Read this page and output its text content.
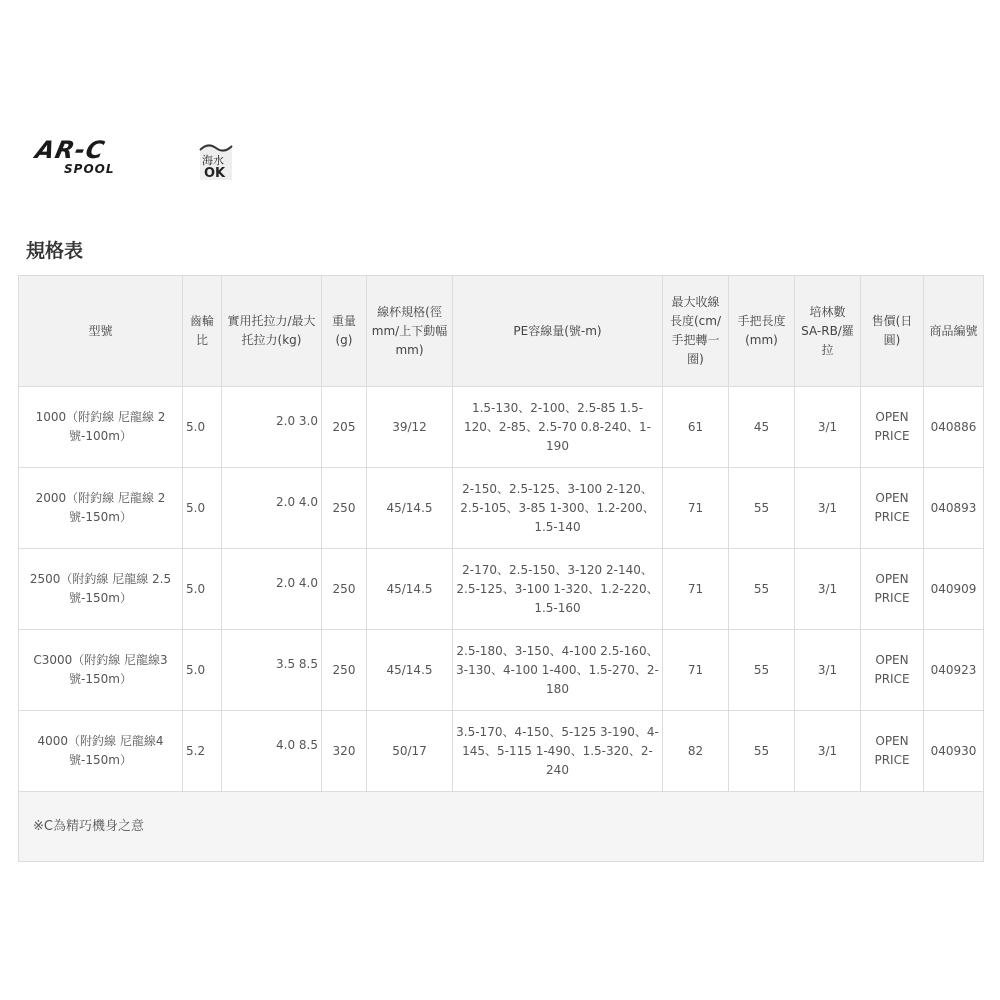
AR-C
SPOOL
海水
OK
規格表
型號	齒輪比	實用托拉力/最大托拉力(kg)	重量(g)	線杯規格(徑mm/上下動幅mm)	PE容線量(號-m)	最大收線長度(cm/手把轉一圈)	手把長度(mm)	培林數 SA-RB/羅拉	售價(日圓)	商品編號
1000（附釣線 尼龍線 2號-100m）	5.0	2.0 3.0	205	39/12	1.5-130、2-100、2.5-85 1.5-120、2-85、2.5-70 0.8-240、1-190	61	45	3/1	OPEN PRICE	040886
2000（附釣線 尼龍線 2號-150m）	5.0	2.0 4.0	250	45/14.5	2-150、2.5-125、3-100 2-120、2.5-105、3-85 1-300、1.2-200、1.5-140	71	55	3/1	OPEN PRICE	040893
2500（附釣線 尼龍線 2.5號-150m）	5.0	2.0 4.0	250	45/14.5	2-170、2.5-150、3-120 2-140、2.5-125、3-100 1-320、1.2-220、1.5-160	71	55	3/1	OPEN PRICE	040909
C3000（附釣線 尼龍線3號-150m）	5.0	3.5 8.5	250	45/14.5	2.5-180、3-150、4-100 2.5-160、3-130、4-100 1-400、1.5-270、2-180	71	55	3/1	OPEN PRICE	040923
4000（附釣線 尼龍線4號-150m）	5.2	4.0 8.5	320	50/17	3.5-170、4-150、5-125 3-190、4-145、5-115 1-490、1.5-320、2-240	82	55	3/1	OPEN PRICE	040930
※C為精巧機身之意										
